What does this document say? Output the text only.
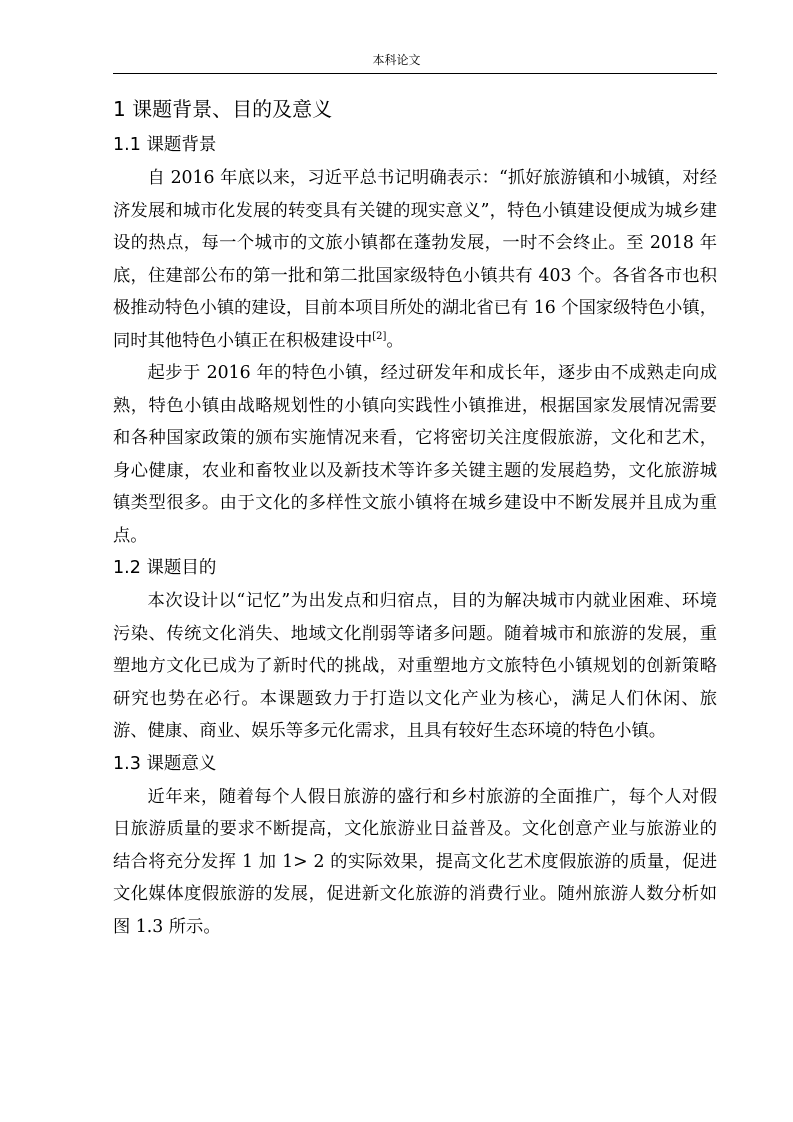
本科论文
1 课题背景、目的及意义
1.1 课题背景

自 2016 年底以来，习近平总书记明确表示：“抓好旅游镇和小城镇，对经济发展和城市化发展的转变具有关键的现实意义”，特色小镇建设便成为城乡建设的热点，每一个城市的文旅小镇都在蓬勃发展，一时不会终止。至 2018 年底，住建部公布的第一批和第二批国家级特色小镇共有 403 个。各省各市也积极推动特色小镇的建设，目前本项目所处的湖北省已有 16 个国家级特色小镇，同时其他特色小镇正在积极建设中[2]。

起步于 2016 年的特色小镇，经过研发年和成长年，逐步由不成熟走向成熟，特色小镇由战略规划性的小镇向实践性小镇推进，根据国家发展情况需要和各种国家政策的颁布实施情况来看，它将密切关注度假旅游，文化和艺术，身心健康，农业和畜牧业以及新技术等许多关键主题的发展趋势，文化旅游城镇类型很多。由于文化的多样性文旅小镇将在城乡建设中不断发展并且成为重点。

1.2 课题目的

本次设计以“记忆”为出发点和归宿点，目的为解决城市内就业困难、环境污染、传统文化消失、地域文化削弱等诸多问题。随着城市和旅游的发展，重塑地方文化已成为了新时代的挑战，对重塑地方文旅特色小镇规划的创新策略研究也势在必行。本课题致力于打造以文化产业为核心，满足人们休闲、旅游、健康、商业、娱乐等多元化需求，且具有较好生态环境的特色小镇。

1.3 课题意义

近年来，随着每个人假日旅游的盛行和乡村旅游的全面推广，每个人对假日旅游质量的要求不断提高，文化旅游业日益普及。文化创意产业与旅游业的结合将充分发挥 1 加 1> 2 的实际效果，提高文化艺术度假旅游的质量，促进文化媒体度假旅游的发展，促进新文化旅游的消费行业。随州旅游人数分析如图 1.3 所示。
